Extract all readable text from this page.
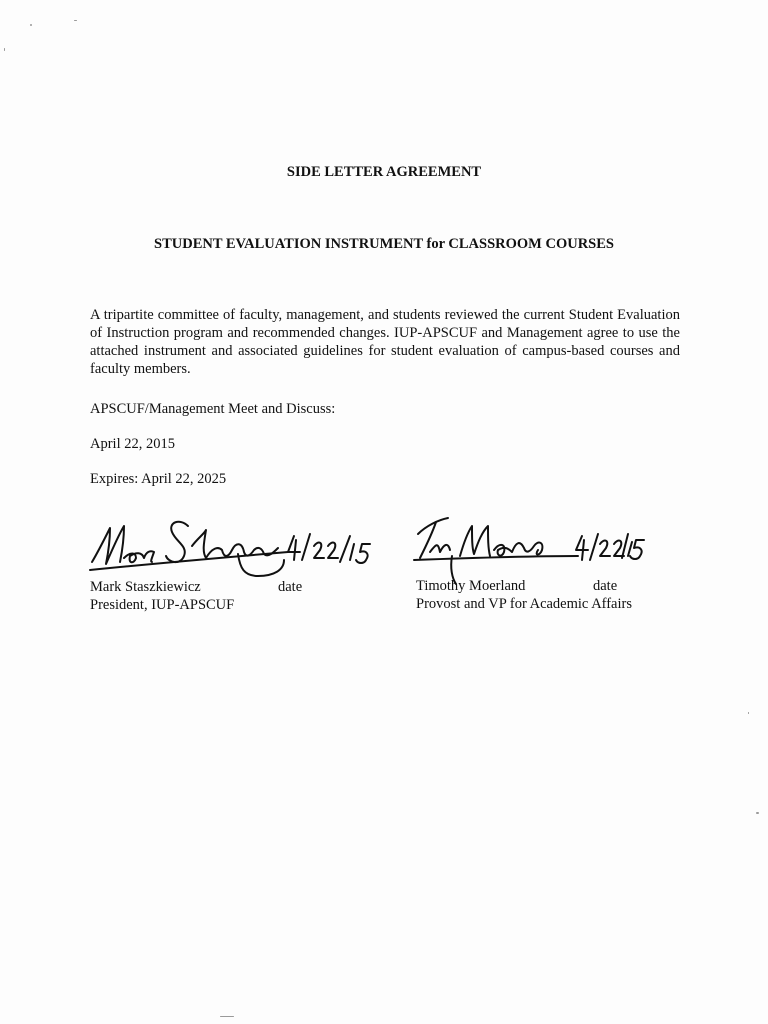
SIDE LETTER AGREEMENT
STUDENT EVALUATION INSTRUMENT for CLASSROOM COURSES
A tripartite committee of faculty, management, and students reviewed the current Student Evaluation of Instruction program and recommended changes. IUP-APSCUF and Management agree to use the attached instrument and associated guidelines for student evaluation of campus-based courses and faculty members.
APSCUF/Management Meet and Discuss:
April 22, 2015
Expires: April 22, 2025
Mark Staszkiewicz	date
President, IUP-APSCUF
Timothy Moerland	date
Provost and VP for Academic Affairs
